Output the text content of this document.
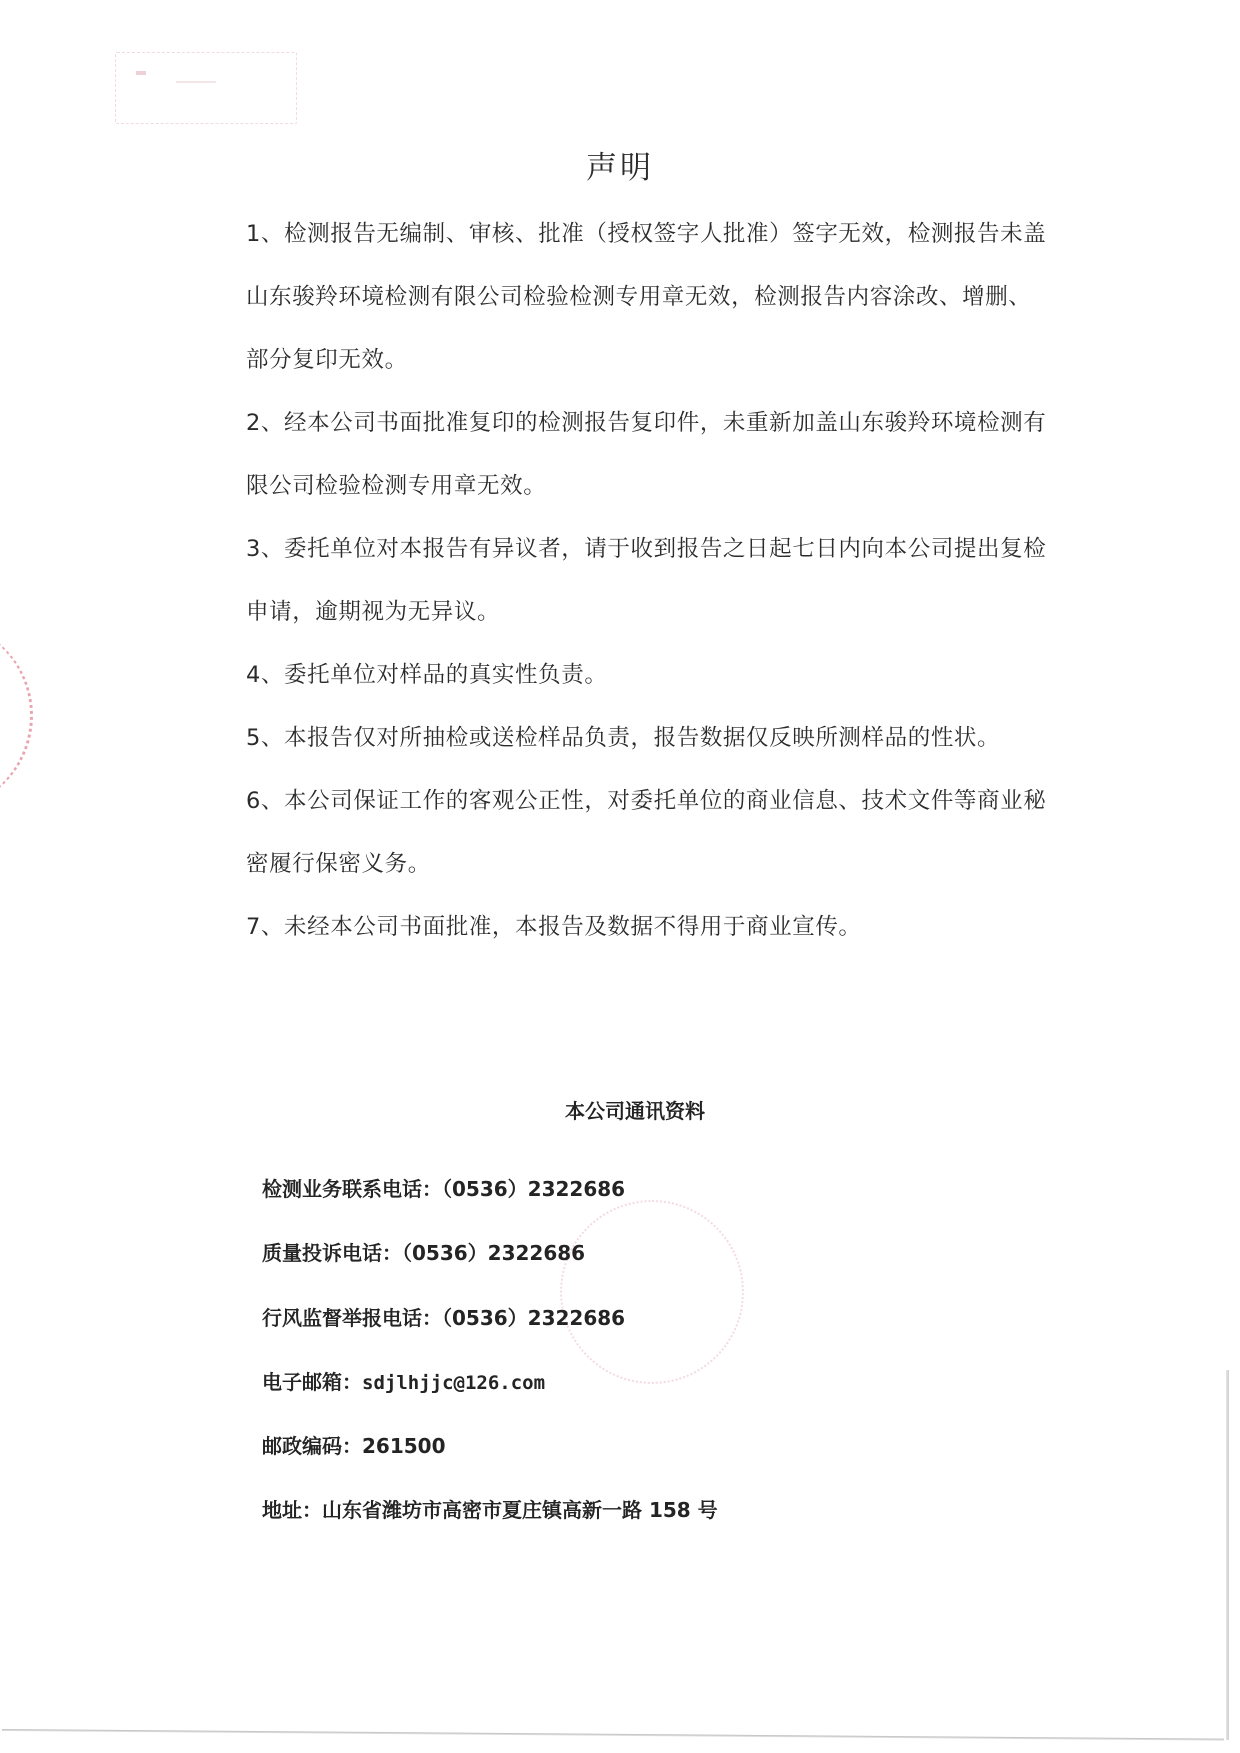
声明
1、检测报告无编制、审核、批准（授权签字人批准）签字无效，检测报告未盖山东骏羚环境检测有限公司检验检测专用章无效，检测报告内容涂改、增删、部分复印无效。
2、经本公司书面批准复印的检测报告复印件，未重新加盖山东骏羚环境检测有限公司检验检测专用章无效。
3、委托单位对本报告有异议者，请于收到报告之日起七日内向本公司提出复检申请，逾期视为无异议。
4、委托单位对样品的真实性负责。
5、本报告仅对所抽检或送检样品负责，报告数据仅反映所测样品的性状。
6、本公司保证工作的客观公正性，对委托单位的商业信息、技术文件等商业秘密履行保密义务。
7、未经本公司书面批准，本报告及数据不得用于商业宣传。
本公司通讯资料
检测业务联系电话：（0536）2322686
质量投诉电话：（0536）2322686
行风监督举报电话：（0536）2322686
电子邮箱：sdjlhjjc@126.com
邮政编码：261500
地址：山东省潍坊市高密市夏庄镇高新一路 158 号
